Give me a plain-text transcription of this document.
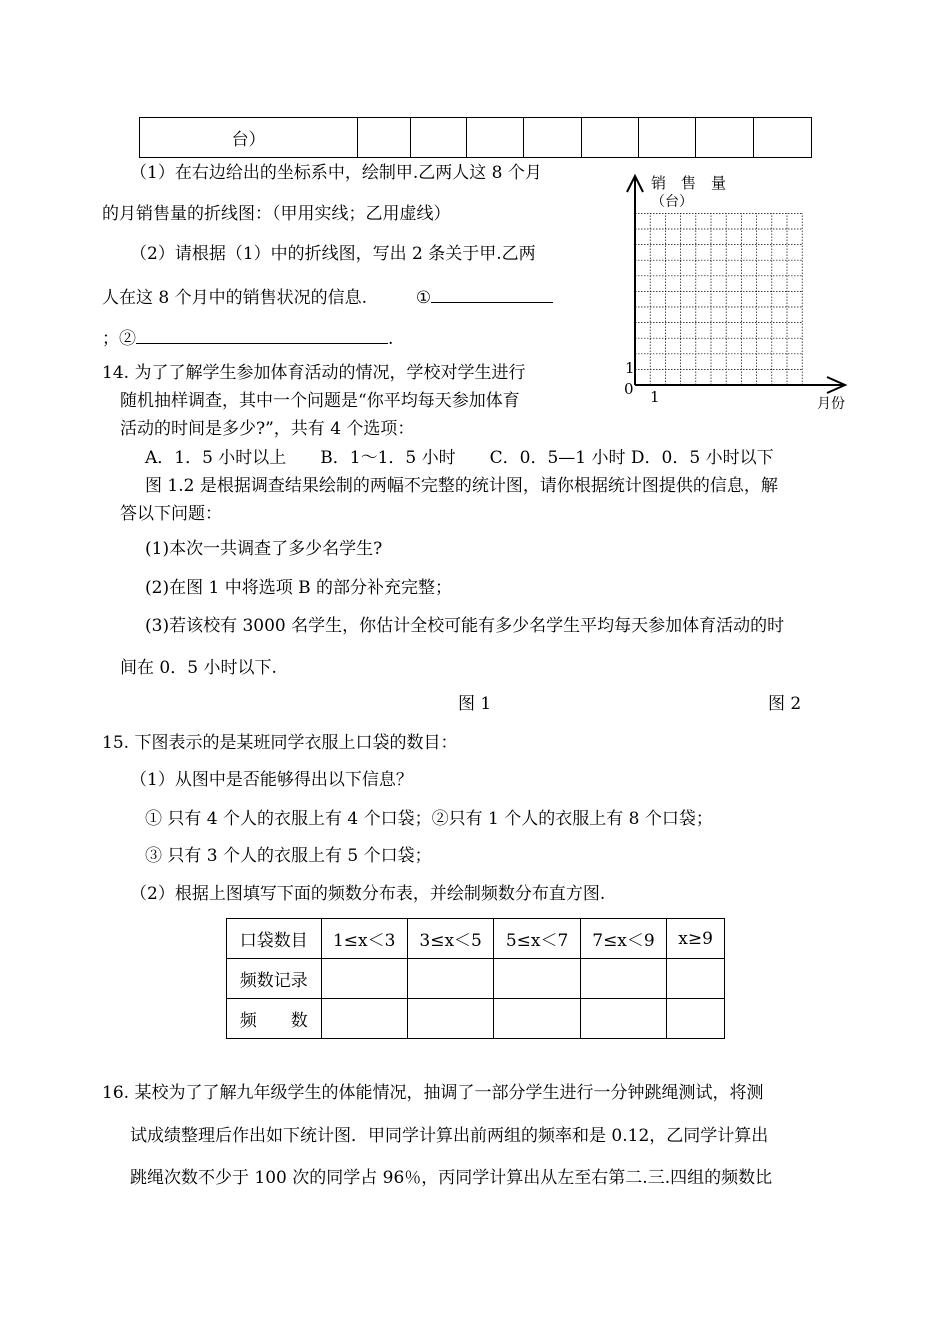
台）								
（1）在右边给出的坐标系中，绘制甲.乙两人这 8 个月
的月销售量的折线图：（甲用实线；乙用虚线）
（2）请根据（1）中的折线图，写出 2 条关于甲.乙两
人在这 8 个月中的销售状况的信息.	①
；②	.
销　售　量
（台）
月份
0
1
1
14. 为了了解学生参加体育活动的情况，学校对学生进行
随机抽样调查，其中一个问题是“你平均每天参加体育
活动的时间是多少?”，共有 4 个选项：
A．1．5 小时以上　　B．1～1．5 小时　　C．0．5—1 小时 D．0．5 小时以下
图 1.2 是根据调查结果绘制的两幅不完整的统计图，请你根据统计图提供的信息，解
答以下问题：
(1)本次一共调查了多少名学生?
(2)在图 1 中将选项 B 的部分补充完整；
(3)若该校有 3000 名学生，你估计全校可能有多少名学生平均每天参加体育活动的时
间在 0．5 小时以下.
图 1	图 2
15. 下图表示的是某班同学衣服上口袋的数目：
（1）从图中是否能够得出以下信息？
① 只有 4 个人的衣服上有 4 个口袋；②只有 1 个人的衣服上有 8 个口袋；
③ 只有 3 个人的衣服上有 5 个口袋；
（2）根据上图填写下面的频数分布表，并绘制频数分布直方图.
口袋数目	1≤x＜3	3≤x＜5	5≤x＜7	7≤x＜9	x≥9
频数记录					
频　　数					
16. 某校为了了解九年级学生的体能情况，抽调了一部分学生进行一分钟跳绳测试，将测
试成绩整理后作出如下统计图．甲同学计算出前两组的频率和是 0.12，乙同学计算出
跳绳次数不少于 100 次的同学占 96％，丙同学计算出从左至右第二.三.四组的频数比
